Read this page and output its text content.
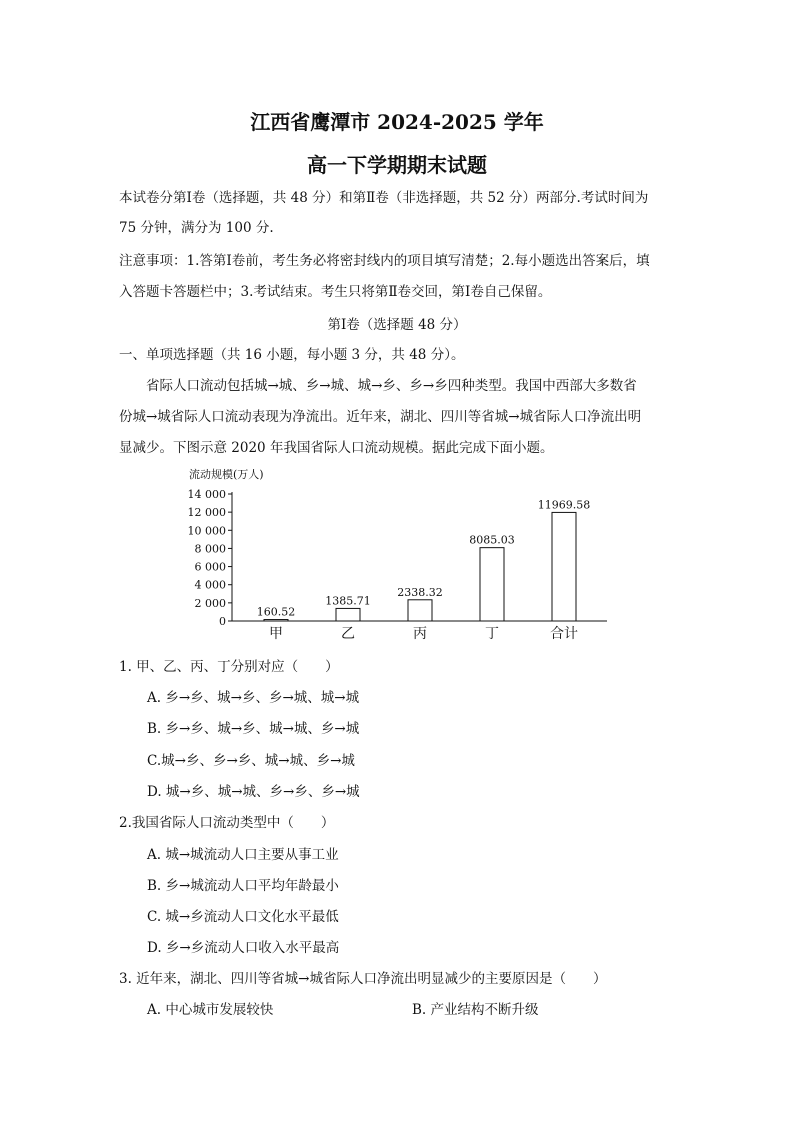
江西省鹰潭市 2024-2025 学年
高一下学期期末试题
本试卷分第Ⅰ卷（选择题，共 48 分）和第Ⅱ卷（非选择题，共 52 分）两部分.考试时间为
75 分钟，满分为 100 分.
注意事项：1.答第Ⅰ卷前，考生务必将密封线内的项目填写清楚；2.每小题选出答案后，填
入答题卡答题栏中；3.考试结束。考生只将第Ⅱ卷交回，第Ⅰ卷自己保留。
第Ⅰ卷（选择题 48 分）
一、单项选择题（共 16 小题，每小题 3 分，共 48 分）。
省际人口流动包括城→城、乡→城、城→乡、乡→乡四种类型。我国中西部大多数省
份城→城省际人口流动表现为净流出。近年来，湖北、四川等省城→城省际人口净流出明
显减少。下图示意 2020 年我国省际人口流动规模。据此完成下面小题。
流动规模(万人)
0
2 000
4 000
6 000
8 000
10 000
12 000
14 000
160.52
甲
1385.71
乙
2338.32
丙
8085.03
丁
11969.58
合计
1. 甲、乙、丙、丁分别对应（　　）
A. 乡→乡、城→乡、乡→城、城→城
B. 乡→乡、城→乡、城→城、乡→城
C.城→乡、乡→乡、城→城、乡→城
D. 城→乡、城→城、乡→乡、乡→城
2.我国省际人口流动类型中（　　）
A. 城→城流动人口主要从事工业
B. 乡→城流动人口平均年龄最小
C. 城→乡流动人口文化水平最低
D. 乡→乡流动人口收入水平最高
3. 近年来，湖北、四川等省城→城省际人口净流出明显减少的主要原因是（　　）
A. 中心城市发展较快	B. 产业结构不断升级
